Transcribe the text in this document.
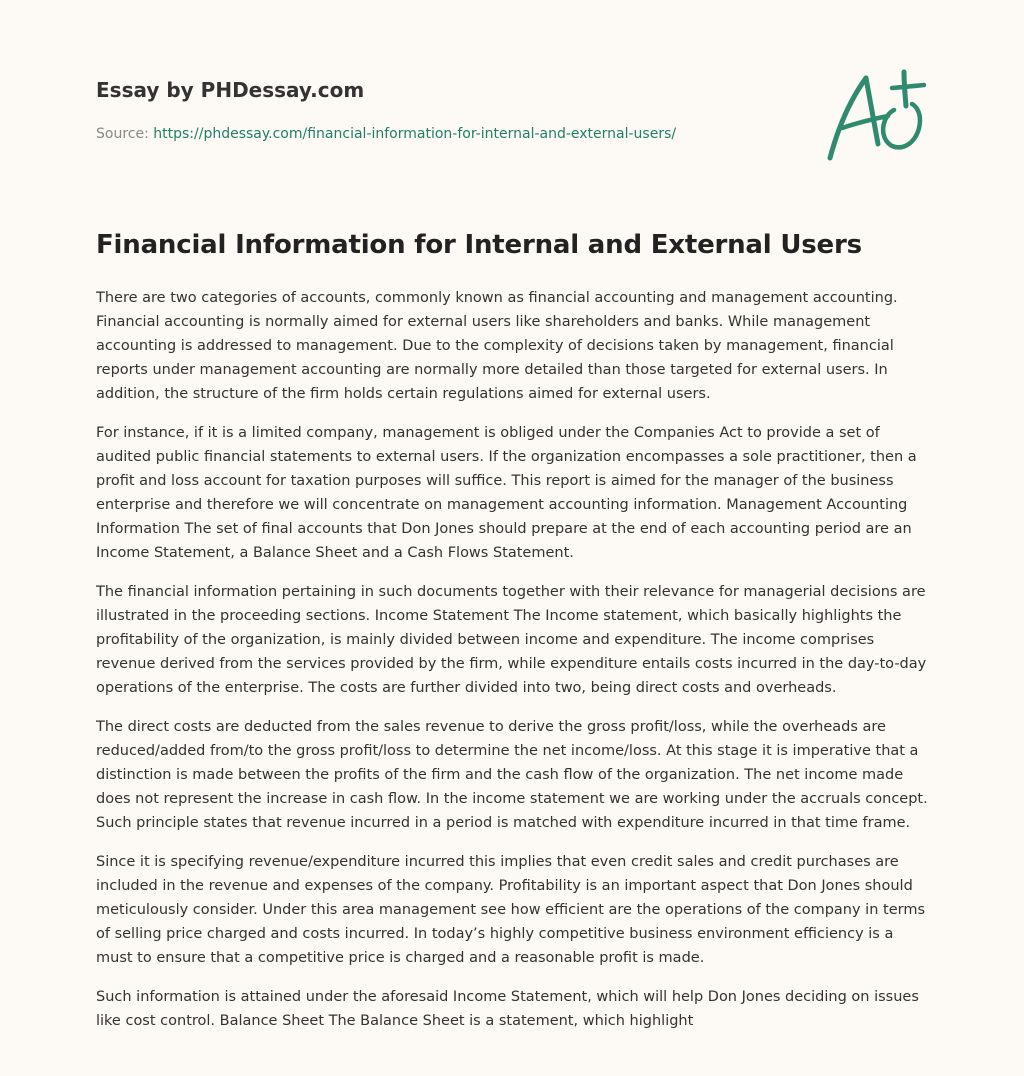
Essay by PHDessay.com
Source: https://phdessay.com/financial-information-for-internal-and-external-users/
Financial Information for Internal and External Users

There are two categories of accounts, commonly known as financial accounting and management accounting. Financial accounting is normally aimed for external users like shareholders and banks. While management accounting is addressed to management. Due to the complexity of decisions taken by management, financial reports under management accounting are normally more detailed than those targeted for external users. In addition, the structure of the firm holds certain regulations aimed for external users.

For instance, if it is a limited company, management is obliged under the Companies Act to provide a set of audited public financial statements to external users. If the organization encompasses a sole practitioner, then a profit and loss account for taxation purposes will suffice. This report is aimed for the manager of the business enterprise and therefore we will concentrate on management accounting information. Management Accounting Information The set of final accounts that Don Jones should prepare at the end of each accounting period are an Income Statement, a Balance Sheet and a Cash Flows Statement.

The financial information pertaining in such documents together with their relevance for managerial decisions are illustrated in the proceeding sections. Income Statement The Income statement, which basically highlights the profitability of the organization, is mainly divided between income and expenditure. The income comprises revenue derived from the services provided by the firm, while expenditure entails costs incurred in the day-to-day operations of the enterprise. The costs are further divided into two, being direct costs and overheads.

The direct costs are deducted from the sales revenue to derive the gross profit/loss, while the overheads are reduced/added from/to the gross profit/loss to determine the net income/loss. At this stage it is imperative that a distinction is made between the profits of the firm and the cash flow of the organization. The net income made does not represent the increase in cash flow. In the income statement we are working under the accruals concept. Such principle states that revenue incurred in a period is matched with expenditure incurred in that time frame.

Since it is specifying revenue/expenditure incurred this implies that even credit sales and credit purchases are included in the revenue and expenses of the company. Profitability is an important aspect that Don Jones should meticulously consider. Under this area management see how efficient are the operations of the company in terms of selling price charged and costs incurred. In today’s highly competitive business environment efficiency is a must to ensure that a competitive price is charged and a reasonable profit is made.

Such information is attained under the aforesaid Income Statement, which will help Don Jones deciding on issues like cost control. Balance Sheet The Balance Sheet is a statement, which highlight
